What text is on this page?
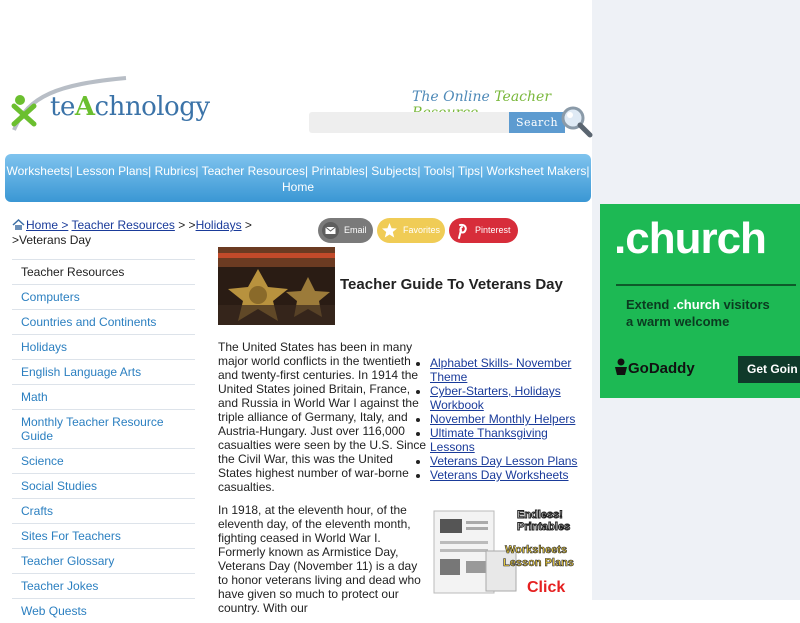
teAchnology	The Online Teacher
Search
Worksheets| Lesson Plans| Rubrics| Teacher Resources| Printables| Subjects| Tools| Tips| Worksheet Makers|
Home
Home > Teacher Resources > >Holidays >
>Veterans Day
Email	Favorites	Pinterest
Teacher Resources
Computers
Countries and Continents
Holidays
English Language Arts
Math
Monthly Teacher Resource Guide
Science
Social Studies
Crafts
Sites For Teachers
Teacher Glossary
Teacher Jokes
Web Quests
Teacher Guide To Veterans Day

The United States has been in many major world conflicts in the twentieth and twenty-first centuries. In 1914 the United States joined Britain, France, and Russia in World War I against the triple alliance of Germany, Italy, and Austria-Hungary. Just over 116,000 casualties were seen by the U.S. Since the Civil War, this was the United States highest number of war-borne casualties.

In 1918, at the eleventh hour, of the eleventh day, of the eleventh month, fighting ceased in World War I. Formerly known as Armistice Day, Veterans Day (November 11) is a day to honor veterans living and dead who have given so much to protect our country. With our

• Alphabet Skills- November Theme
• Cyber-Starters, Holidays Workbook
• November Monthly Helpers
• Ultimate Thanksgiving Lessons
• Veterans Day Lesson Plans
• Veterans Day Worksheets
Endless!
Printables
Worksheets
Lesson Plans
Click
.church
Extend .church visitors
a warm welcome
GoDaddy	Get Goin
